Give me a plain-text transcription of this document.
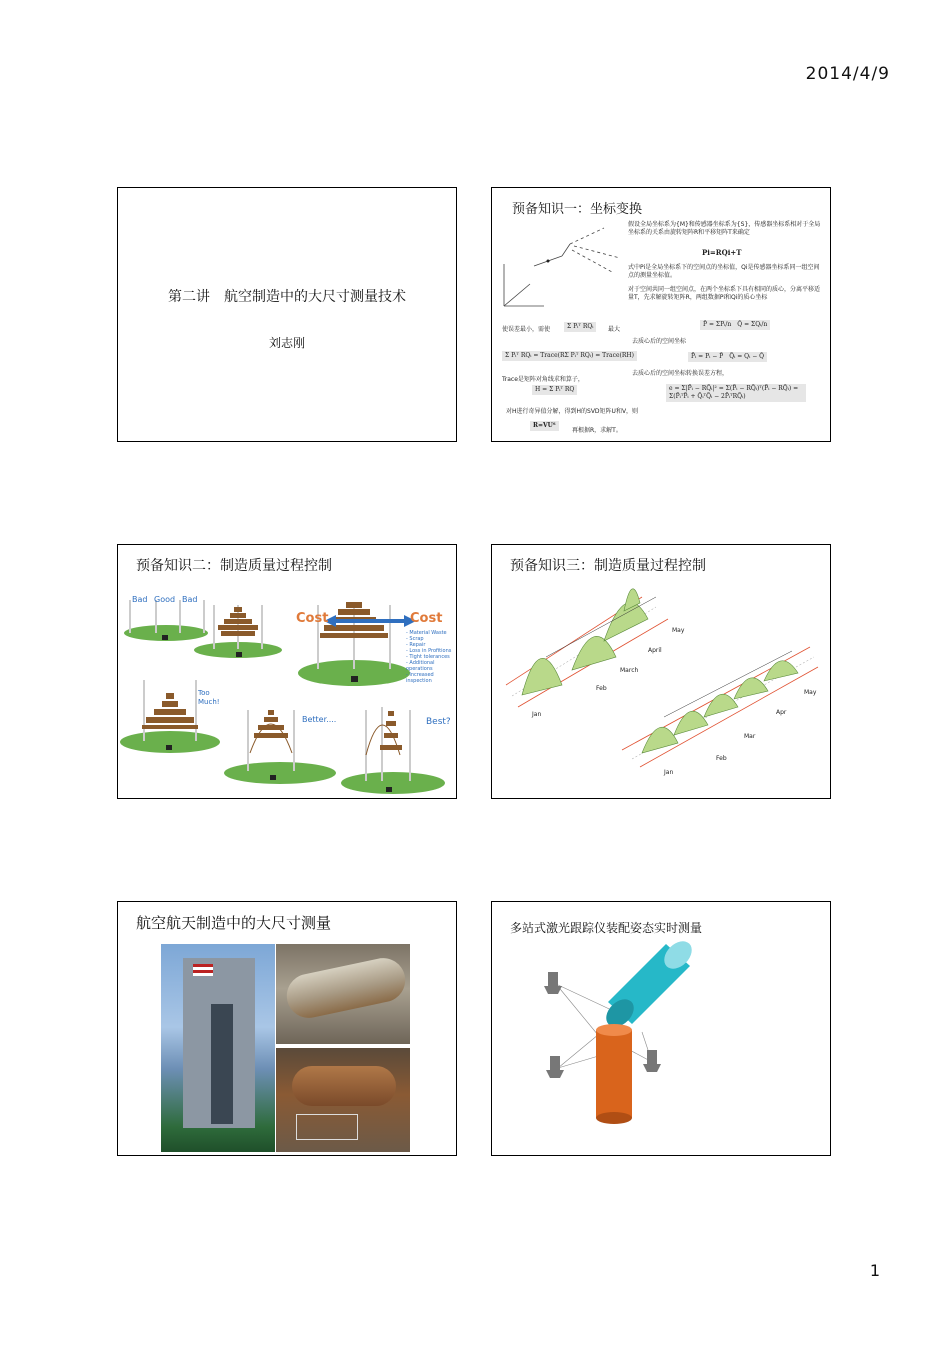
2014/4/9
第二讲　航空制造中的大尺寸测量技术
刘志刚
预备知识一：坐标变换
假设全局坐标系为{M}和传感器坐标系为{S}，传感器坐标系相对于全局坐标系的关系由旋转矩阵R和平移矩阵T来确定
Pi=RQi+T
式中Pi是全局坐标系下的空间点的坐标值，Qi是传感器坐标系同一组空间点的测量坐标值。
对于空间共同一组空间点，在两个坐标系下具有相同的质心，分离平移适量T，先求解旋转矩阵R，两组数据Pi和Qi的质心坐标
使误差最小，需使	Σ Pᵢᵀ RQᵢ	最大
P̄ = ΣPᵢ/n　Q̄ = ΣQᵢ/n
去质心后的空间坐标
Σ Pᵢᵀ RQᵢ = Trace(RΣ Pᵢᵀ RQᵢ) = Trace(RH)	P̃ᵢ = Pᵢ − P̄　Q̃ᵢ = Qᵢ − Q̄
Trace是矩阵对角线求和算子，
去质心后的空间坐标转换误差方程，
H = Σ Pᵢᵀ RQ	e = Σ|P̃ᵢ − RQ̃ᵢ|² = Σ(P̃ᵢ − RQ̃ᵢ)ᵀ(P̃ᵢ − RQ̃ᵢ) = Σ(P̃ᵢᵀP̃ᵢ + Q̃ᵢᵀQ̃ᵢ − 2P̃ᵢᵀRQ̃ᵢ)
对H进行奇异值分解，得到H的SVD矩阵U和V，则
R=VUᵀ
再根据R，求解T。
预备知识二：制造质量过程控制
Bad Good Bad
Cost	Cost
- Material Waste
- Scrap
- Repair
- Loss in Profitions
- Tight tolerances
- Additional operations
- Increased inspection
Too Much!
Better....	Best?
预备知识三：制造质量过程控制
Jan
Feb
March
April
May
Jan
Feb
Mar
Apr
May
航空航天制造中的大尺寸测量	多站式激光跟踪仪装配姿态实时测量
1
